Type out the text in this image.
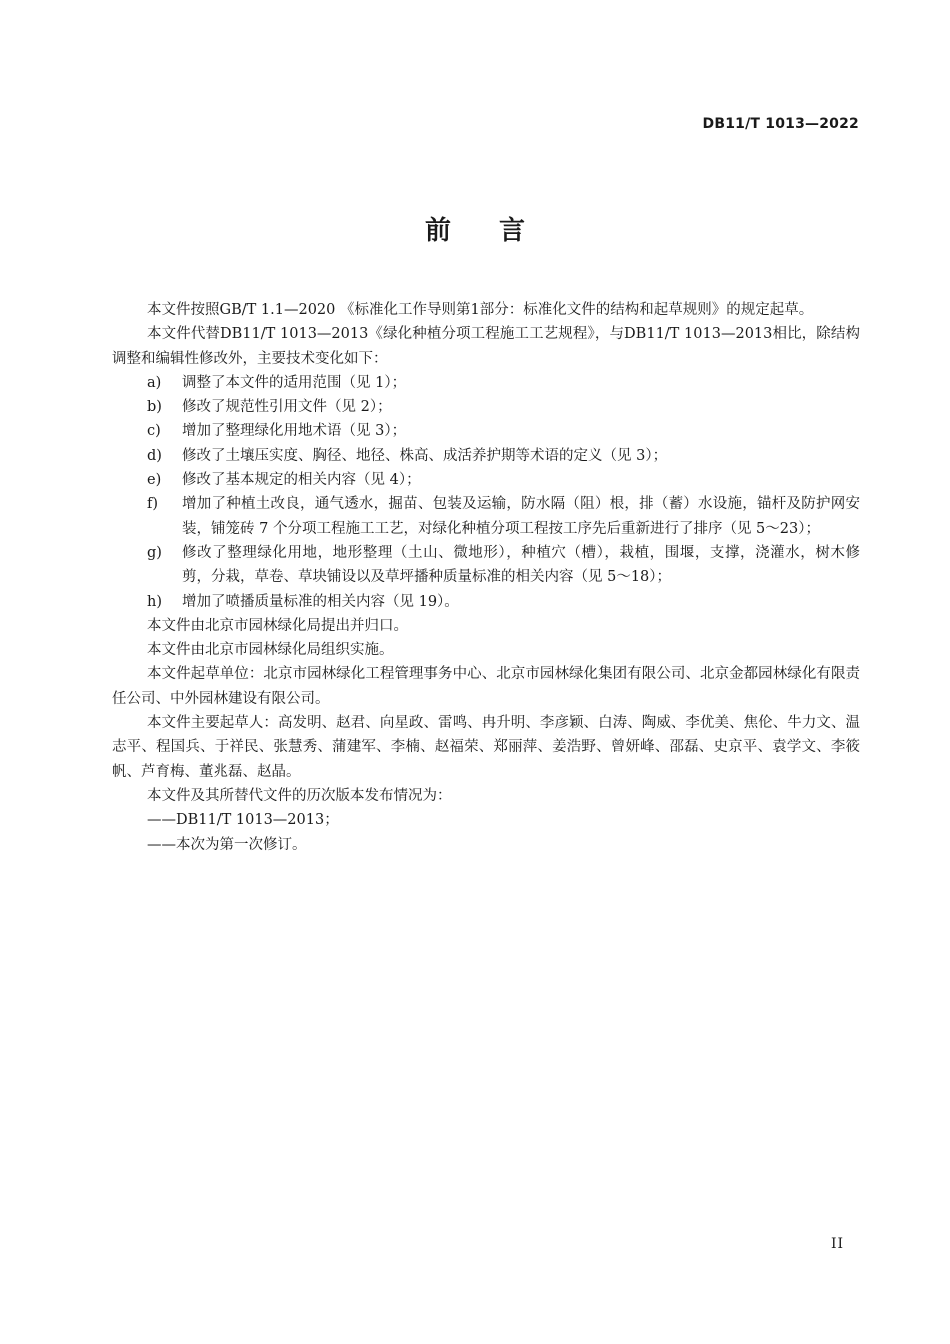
DB11/T 1013—2022
前言

本文件按照GB/T 1.1—2020 《标准化工作导则第1部分：标准化文件的结构和起草规则》的规定起草。

本文件代替DB11/T 1013—2013《绿化种植分项工程施工工艺规程》，与DB11/T 1013—2013相比，除结构调整和编辑性修改外，主要技术变化如下：

a)	调整了本文件的适用范围（见 1）；
b)	修改了规范性引用文件（见 2）；
c)	增加了整理绿化用地术语（见 3）；
d)	修改了土壤压实度、胸径、地径、株高、成活养护期等术语的定义（见 3）；
e)	修改了基本规定的相关内容（见 4）；
f)	增加了种植土改良，通气透水，掘苗、包装及运输，防水隔（阻）根，排（蓄）水设施，锚杆及防护网安装，铺笼砖 7 个分项工程施工工艺，对绿化种植分项工程按工序先后重新进行了排序（见 5～23）；
g)	修改了整理绿化用地，地形整理（土山、微地形），种植穴（槽），栽植，围堰，支撑，浇灌水，树木修剪，分栽，草卷、草块铺设以及草坪播种质量标准的相关内容（见 5～18）；
h)	增加了喷播质量标准的相关内容（见 19）。

本文件由北京市园林绿化局提出并归口。

本文件由北京市园林绿化局组织实施。

本文件起草单位：北京市园林绿化工程管理事务中心、北京市园林绿化集团有限公司、北京金都园林绿化有限责任公司、中外园林建设有限公司。

本文件主要起草人：高发明、赵君、向星政、雷鸣、冉升明、李彦颖、白涛、陶威、李优美、焦伦、牛力文、温志平、程国兵、于祥民、张慧秀、蒲建军、李楠、赵福荣、郑丽萍、姜浩野、曾妍峰、邵磊、史京平、袁学文、李筱帆、芦育梅、董兆磊、赵晶。

本文件及其所替代文件的历次版本发布情况为：

——DB11/T 1013—2013；

——本次为第一次修订。

II
